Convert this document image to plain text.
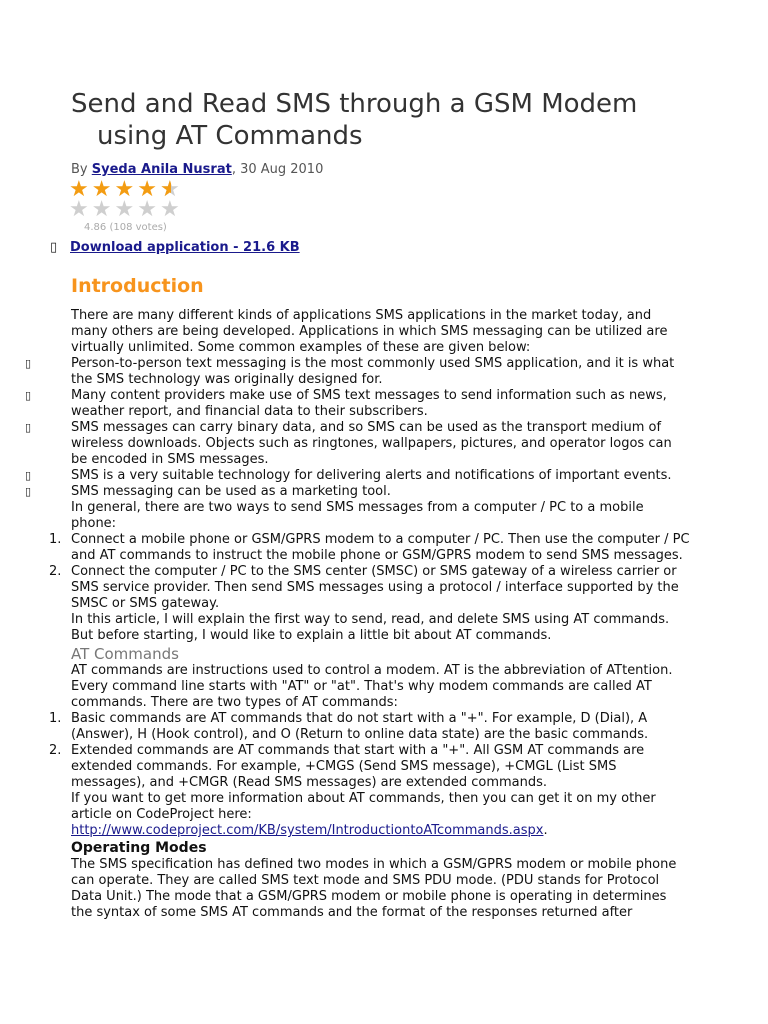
Send and Read SMS through a GSM Modem
using AT Commands
By Syeda Anila Nusrat, 30 Aug 2010
★★★★★ ★
★★★★★
4.86 (108 votes)
▯ Download application - 21.6 KB
Introduction

There are many different kinds of applications SMS applications in the market today, and many others are being developed. Applications in which SMS messaging can be utilized are virtually unlimited. Some common examples of these are given below:

▯	Person-to-person text messaging is the most commonly used SMS application, and it is what the SMS technology was originally designed for.
▯	Many content providers make use of SMS text messages to send information such as news, weather report, and financial data to their subscribers.
▯	SMS messages can carry binary data, and so SMS can be used as the transport medium of wireless downloads. Objects such as ringtones, wallpapers, pictures, and operator logos can be encoded in SMS messages.
▯	SMS is a very suitable technology for delivering alerts and notifications of important events.
▯	SMS messaging can be used as a marketing tool.

In general, there are two ways to send SMS messages from a computer / PC to a mobile phone:

1. Connect a mobile phone or GSM/GPRS modem to a computer / PC. Then use the computer / PC and AT commands to instruct the mobile phone or GSM/GPRS modem to send SMS messages.
2. Connect the computer / PC to the SMS center (SMSC) or SMS gateway of a wireless carrier or SMS service provider. Then send SMS messages using a protocol / interface supported by the SMSC or SMS gateway.

In this article, I will explain the first way to send, read, and delete SMS using AT commands. But before starting, I would like to explain a little bit about AT commands.

AT Commands

AT commands are instructions used to control a modem. AT is the abbreviation of ATtention. Every command line starts with "AT" or "at". That's why modem commands are called AT commands. There are two types of AT commands:

1. Basic commands are AT commands that do not start with a "+". For example, D (Dial), A (Answer), H (Hook control), and O (Return to online data state) are the basic commands.
2. Extended commands are AT commands that start with a "+". All GSM AT commands are extended commands. For example, +CMGS (Send SMS message), +CMGL (List SMS messages), and +CMGR (Read SMS messages) are extended commands.

If you want to get more information about AT commands, then you can get it on my other article on CodeProject here: http://www.codeproject.com/KB/system/IntroductiontoATcommands.aspx.

Operating Modes

The SMS specification has defined two modes in which a GSM/GPRS modem or mobile phone can operate. They are called SMS text mode and SMS PDU mode. (PDU stands for Protocol Data Unit.) The mode that a GSM/GPRS modem or mobile phone is operating in determines the syntax of some SMS AT commands and the format of the responses returned after
